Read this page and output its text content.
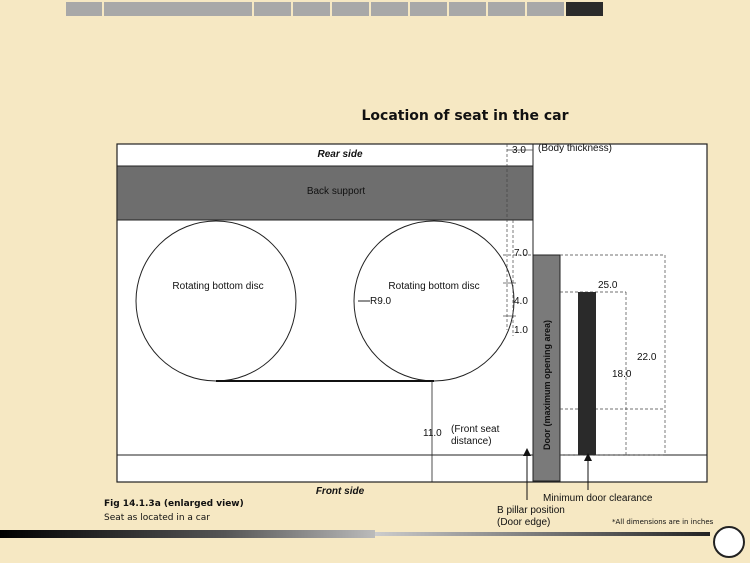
Location of seat in the car
Back support
Rear side
Rotating bottom disc	Rotating bottom disc
R9.0
Front side
11.0 (Front seat
distance)
3.0 (Body thickness)
7.0
4.0
1.0 Door (maximum opening area)
25.0
18.0
22.0
Minimum door clearance
B pillar position
(Door edge)
Fig 14.1.3a (enlarged view)
Seat as located in a car	*All dimensions are in inches
